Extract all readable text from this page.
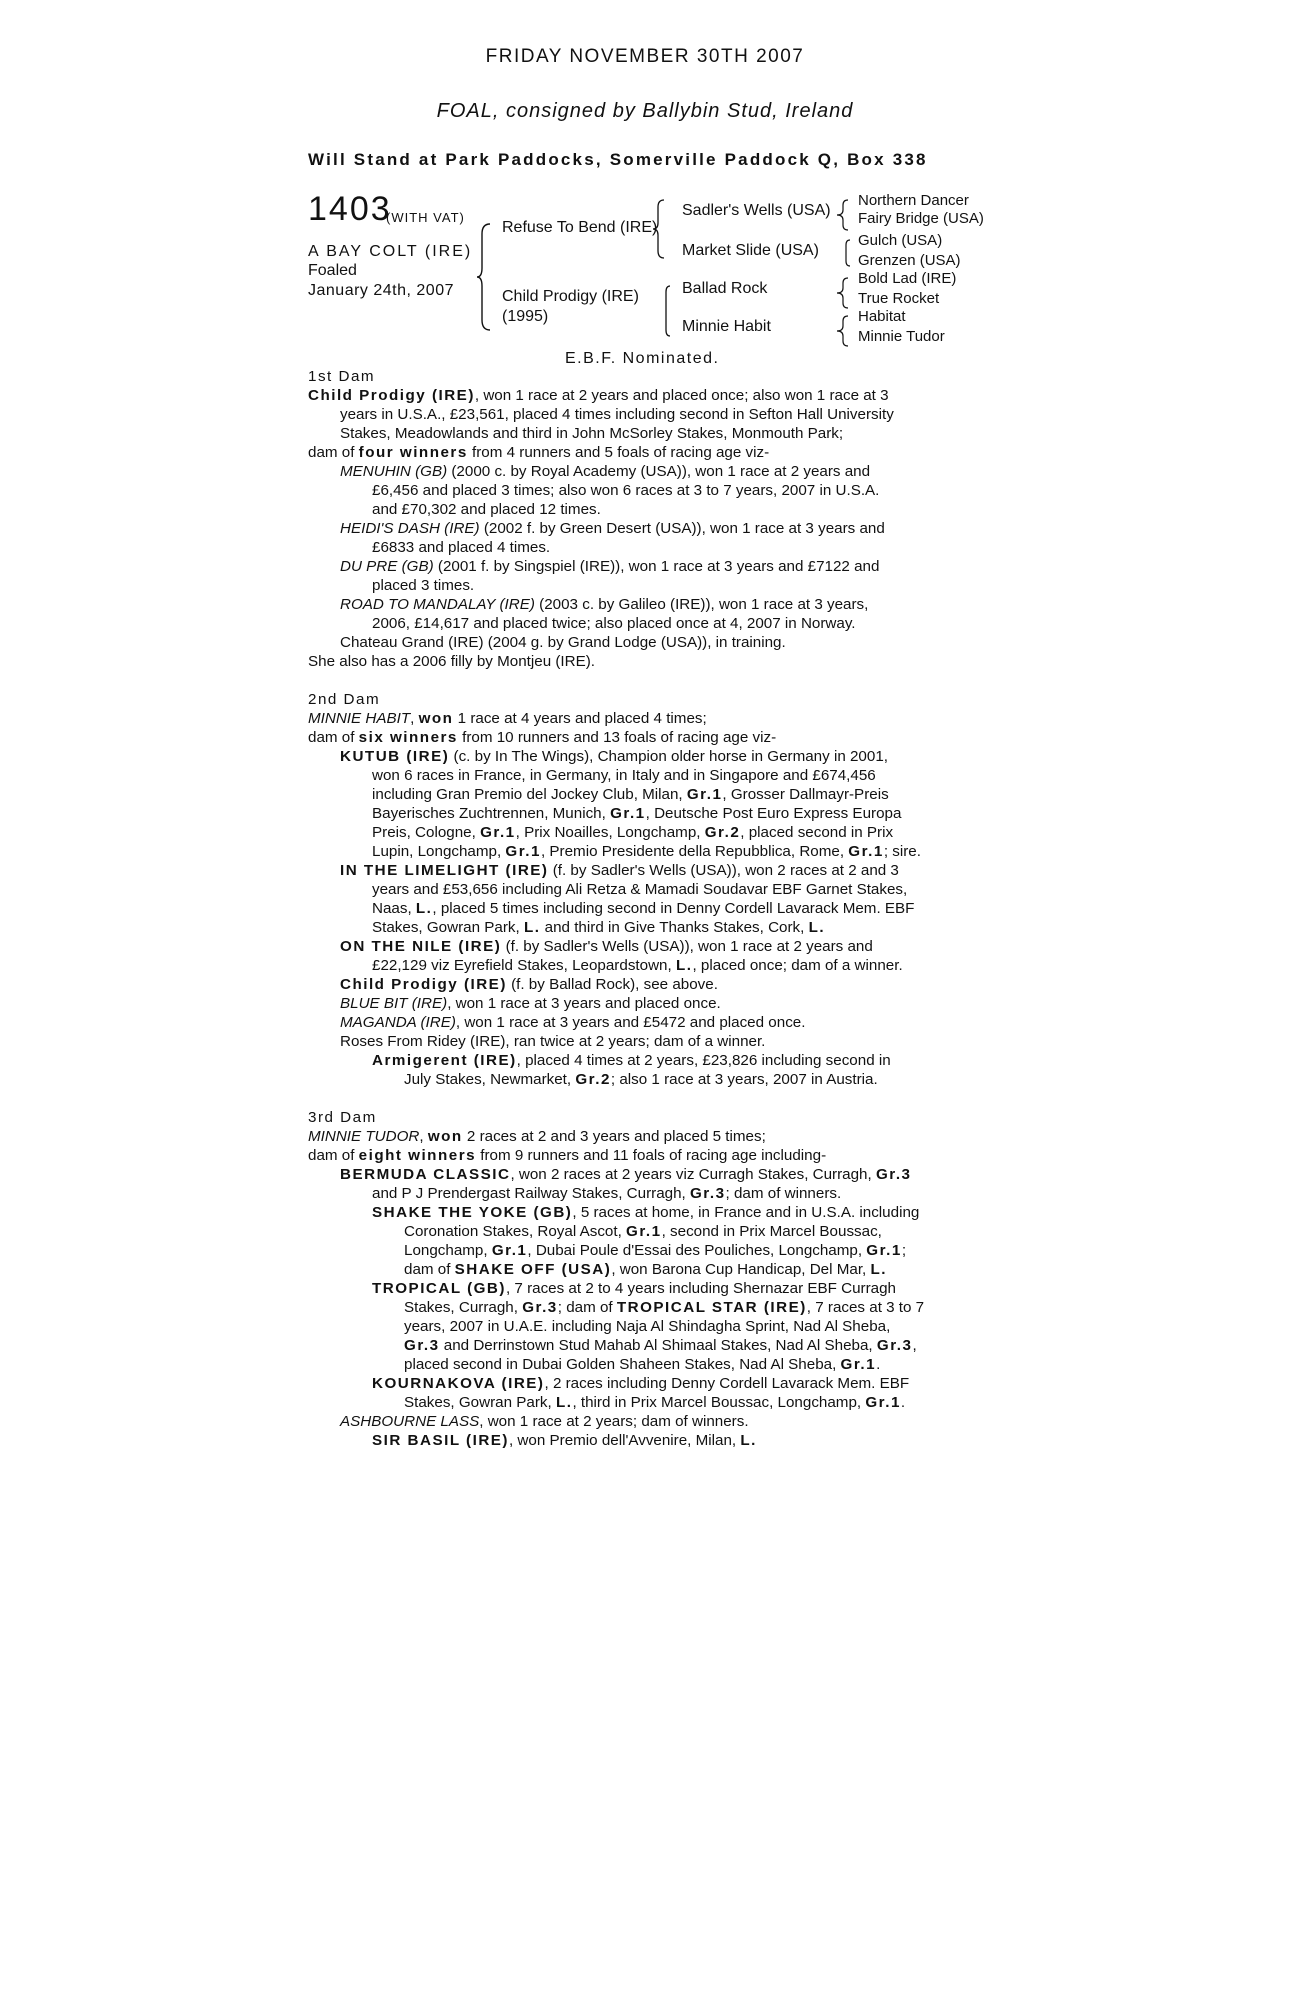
FRIDAY NOVEMBER 30TH 2007
FOAL, consigned by Ballybin Stud, Ireland
Will Stand at Park Paddocks, Somerville Paddock Q, Box 338
1403
(WITH VAT)
A BAY COLT (IRE)
Foaled
January 24th, 2007
Refuse To Bend (IRE)
Child Prodigy (IRE)
(1995)
Sadler's Wells (USA)
Market Slide (USA)
Ballad Rock
Minnie Habit
Northern Dancer
Fairy Bridge (USA)
Gulch (USA)
Grenzen (USA)
Bold Lad (IRE)
True Rocket
Habitat
Minnie Tudor
E.B.F. Nominated.

1st Dam

Child Prodigy (IRE), won 1 race at 2 years and placed once; also won 1 race at 3

years in U.S.A., £23,561, placed 4 times including second in Sefton Hall University

Stakes, Meadowlands and third in John McSorley Stakes, Monmouth Park;

dam of four winners from 4 runners and 5 foals of racing age viz-

MENUHIN (GB) (2000 c. by Royal Academy (USA)), won 1 race at 2 years and

£6,456 and placed 3 times; also won 6 races at 3 to 7 years, 2007 in U.S.A.

and £70,302 and placed 12 times.

HEIDI'S DASH (IRE) (2002 f. by Green Desert (USA)), won 1 race at 3 years and

£6833 and placed 4 times.

DU PRE (GB) (2001 f. by Singspiel (IRE)), won 1 race at 3 years and £7122 and

placed 3 times.

ROAD TO MANDALAY (IRE) (2003 c. by Galileo (IRE)), won 1 race at 3 years,

2006, £14,617 and placed twice; also placed once at 4, 2007 in Norway.

Chateau Grand (IRE) (2004 g. by Grand Lodge (USA)), in training.

She also has a 2006 filly by Montjeu (IRE).

2nd Dam

MINNIE HABIT, won 1 race at 4 years and placed 4 times;

dam of six winners from 10 runners and 13 foals of racing age viz-

KUTUB (IRE) (c. by In The Wings), Champion older horse in Germany in 2001,

won 6 races in France, in Germany, in Italy and in Singapore and £674,456

including Gran Premio del Jockey Club, Milan, Gr.1, Grosser Dallmayr-Preis

Bayerisches Zuchtrennen, Munich, Gr.1, Deutsche Post Euro Express Europa

Preis, Cologne, Gr.1, Prix Noailles, Longchamp, Gr.2, placed second in Prix

Lupin, Longchamp, Gr.1, Premio Presidente della Repubblica, Rome, Gr.1; sire.

IN THE LIMELIGHT (IRE) (f. by Sadler's Wells (USA)), won 2 races at 2 and 3

years and £53,656 including Ali Retza & Mamadi Soudavar EBF Garnet Stakes,

Naas, L., placed 5 times including second in Denny Cordell Lavarack Mem. EBF

Stakes, Gowran Park, L. and third in Give Thanks Stakes, Cork, L.

ON THE NILE (IRE) (f. by Sadler's Wells (USA)), won 1 race at 2 years and

£22,129 viz Eyrefield Stakes, Leopardstown, L., placed once; dam of a winner.

Child Prodigy (IRE) (f. by Ballad Rock), see above.

BLUE BIT (IRE), won 1 race at 3 years and placed once.

MAGANDA (IRE), won 1 race at 3 years and £5472 and placed once.

Roses From Ridey (IRE), ran twice at 2 years; dam of a winner.

Armigerent (IRE), placed 4 times at 2 years, £23,826 including second in

July Stakes, Newmarket, Gr.2; also 1 race at 3 years, 2007 in Austria.

3rd Dam

MINNIE TUDOR, won 2 races at 2 and 3 years and placed 5 times;

dam of eight winners from 9 runners and 11 foals of racing age including-

BERMUDA CLASSIC, won 2 races at 2 years viz Curragh Stakes, Curragh, Gr.3

and P J Prendergast Railway Stakes, Curragh, Gr.3; dam of winners.

SHAKE THE YOKE (GB), 5 races at home, in France and in U.S.A. including

Coronation Stakes, Royal Ascot, Gr.1, second in Prix Marcel Boussac,

Longchamp, Gr.1, Dubai Poule d'Essai des Pouliches, Longchamp, Gr.1;

dam of SHAKE OFF (USA), won Barona Cup Handicap, Del Mar, L.

TROPICAL (GB), 7 races at 2 to 4 years including Shernazar EBF Curragh

Stakes, Curragh, Gr.3; dam of TROPICAL STAR (IRE), 7 races at 3 to 7

years, 2007 in U.A.E. including Naja Al Shindagha Sprint, Nad Al Sheba,

Gr.3 and Derrinstown Stud Mahab Al Shimaal Stakes, Nad Al Sheba, Gr.3,

placed second in Dubai Golden Shaheen Stakes, Nad Al Sheba, Gr.1.

KOURNAKOVA (IRE), 2 races including Denny Cordell Lavarack Mem. EBF

Stakes, Gowran Park, L., third in Prix Marcel Boussac, Longchamp, Gr.1.

ASHBOURNE LASS, won 1 race at 2 years; dam of winners.

SIR BASIL (IRE), won Premio dell'Avvenire, Milan, L.
